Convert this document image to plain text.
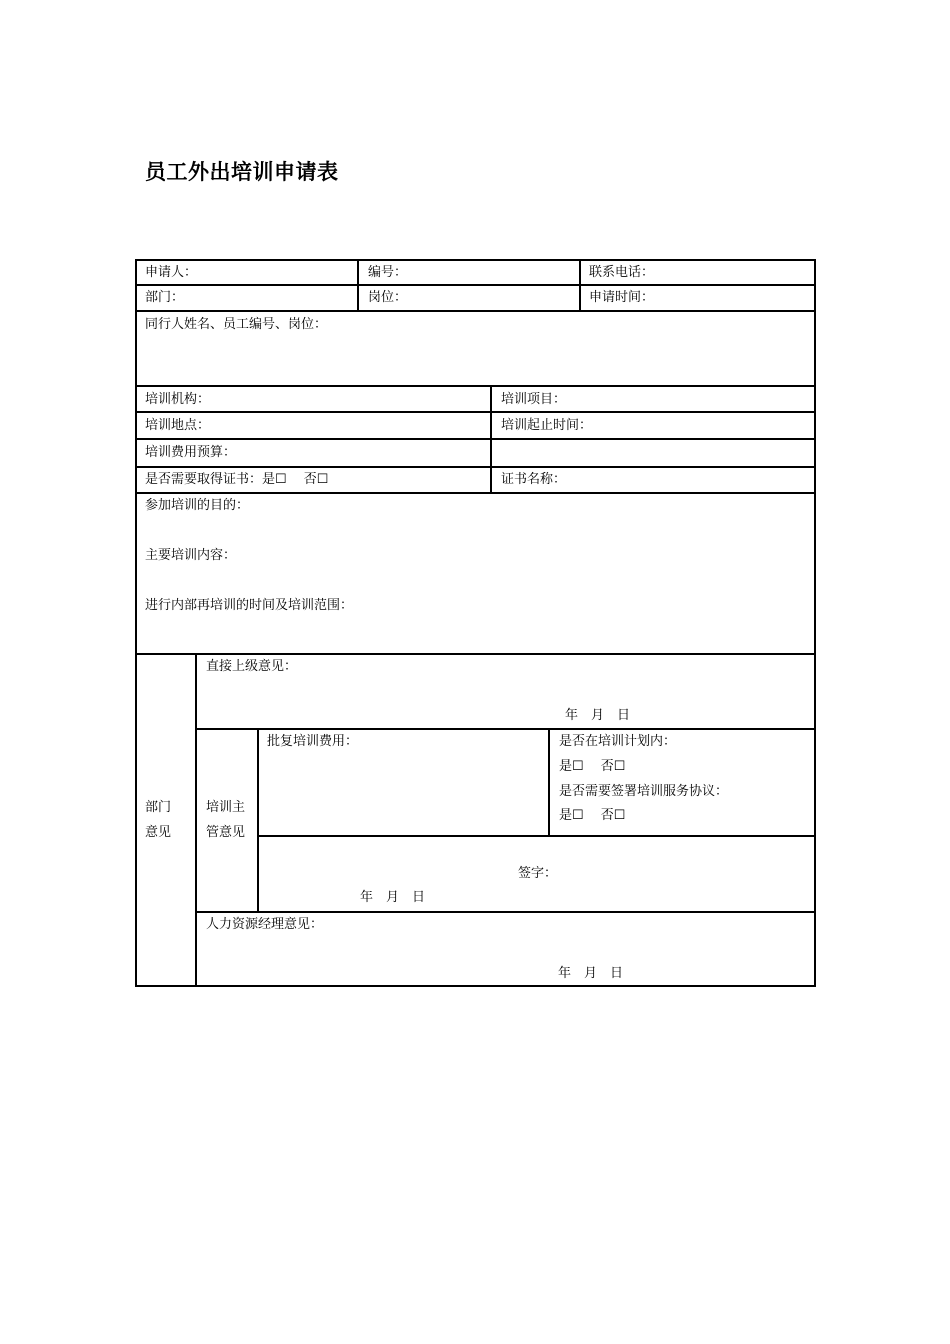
员工外出培训申请表
申请人：	编号：	联系电话：
部门：	岗位：	申请时间：
同行人姓名、员工编号、岗位：
培训机构：	培训项目：
培训地点：	培训起止时间：
培训费用预算：
是否需要取得证书：是☐　 否☐	证书名称：
参加培训的目的：
主要培训内容：
进行内部再培训的时间及培训范围：
部门
意见
直接上级意见：
年　月　日
培训主
管意见
批复培训费用：	是否在培训计划内：
是☐　 否☐
是否需要签署培训服务协议：
是☐　 否☐
签字：
年　月　日
人力资源经理意见：
年　月　日
